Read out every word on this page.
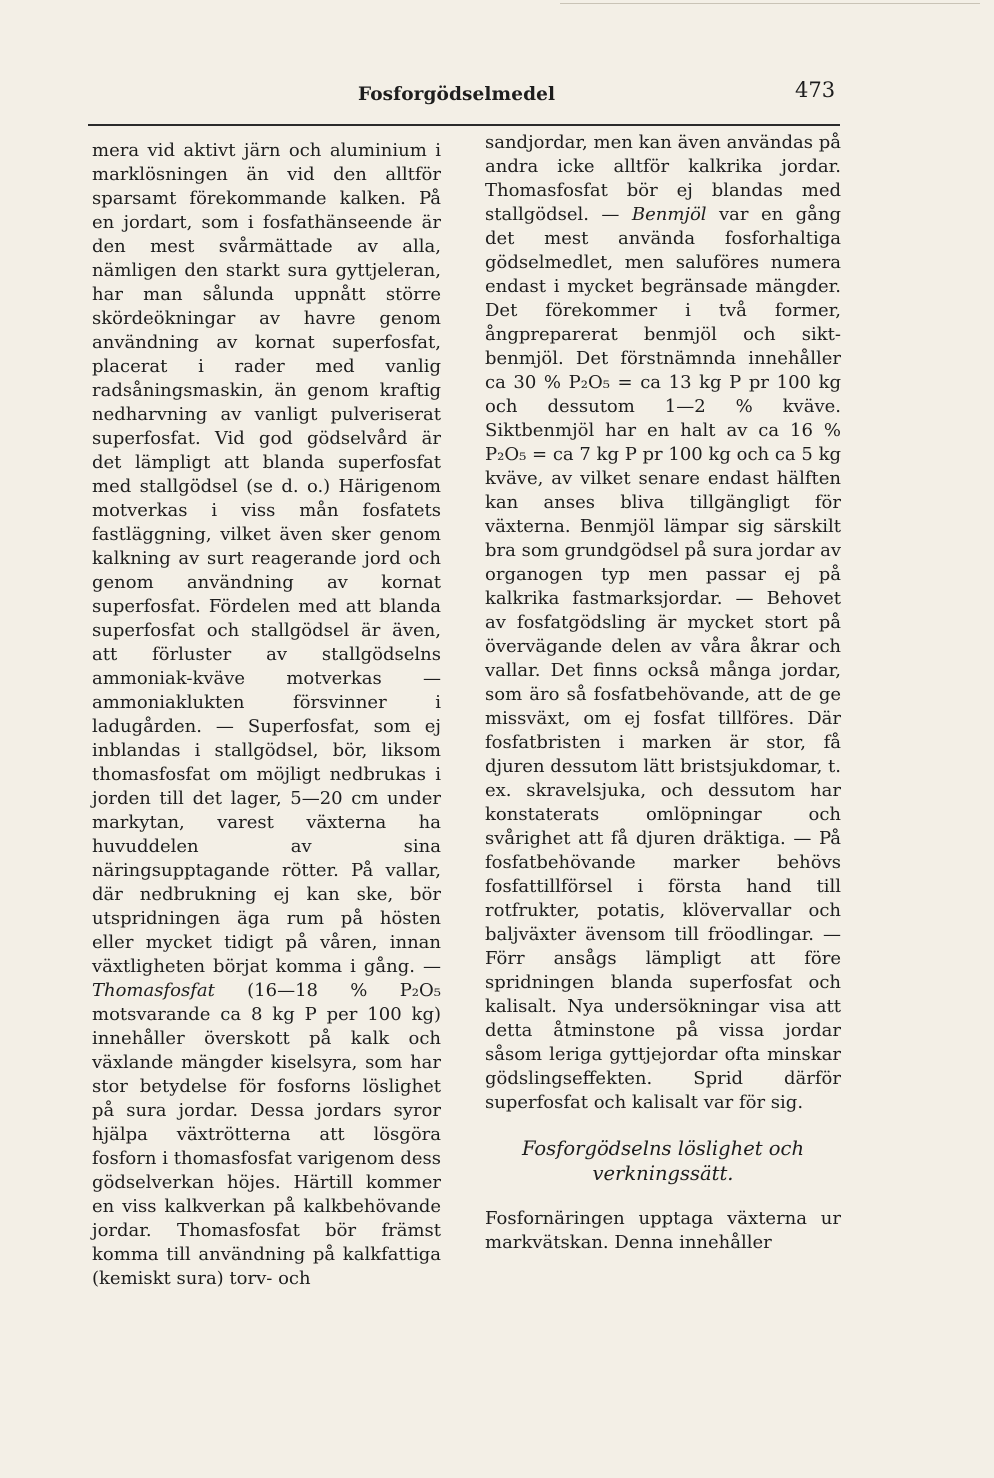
Fosforgödselmedel	473

mera vid aktivt järn och aluminium i marklösningen än vid den alltför sparsamt förekommande kalken. På en jordart, som i fosfathänseende är den mest svårmättade av alla, nämligen den starkt sura gyttjeleran, har man sålunda uppnått större skördeökningar av havre genom användning av kornat superfosfat, placerat i rader med vanlig radsåningsmaskin, än genom kraftig nedharvning av vanligt pulveriserat superfosfat. Vid god gödselvård är det lämpligt att blanda superfosfat med stallgödsel (se d. o.) Härigenom motverkas i viss mån fosfatets fastläggning, vilket även sker genom kalkning av surt reagerande jord och genom användning av kornat superfosfat. Fördelen med att blanda superfosfat och stallgödsel är även, att förluster av stallgödselns ammoniak-kväve motverkas — ammoniaklukten försvinner i ladugården. — Superfosfat, som ej inblandas i stallgödsel, bör, liksom thomasfosfat om möjligt nedbrukas i jorden till det lager, 5—20 cm under markytan, varest växterna ha huvuddelen av sina näringsupptagande rötter. På vallar, där nedbrukning ej kan ske, bör utspridningen äga rum på hösten eller mycket tidigt på våren, innan växtligheten börjat komma i gång. — Thomasfosfat (16—18 % P₂O₅ motsvarande ca 8 kg P per 100 kg) innehåller överskott på kalk och växlande mängder kiselsyra, som har stor betydelse för fosforns löslighet på sura jordar. Dessa jordars syror hjälpa växtrötterna att lösgöra fosforn i thomasfosfat varigenom dess gödselverkan höjes. Härtill kommer en viss kalkverkan på kalkbehövande jordar. Thomasfosfat bör främst komma till användning på kalkfattiga (kemiskt sura) torv- och

sandjordar, men kan även användas på andra icke alltför kalkrika jordar. Thomasfosfat bör ej blandas med stallgödsel. — Benmjöl var en gång det mest använda fosforhaltiga gödselmedlet, men saluföres numera endast i mycket begränsade mängder. Det förekommer i två former, ångpreparerat benmjöl och sikt-benmjöl. Det förstnämnda innehåller ca 30 % P₂O₅ = ca 13 kg P pr 100 kg och dessutom 1—2 % kväve. Siktbenmjöl har en halt av ca 16 % P₂O₅ = ca 7 kg P pr 100 kg och ca 5 kg kväve, av vilket senare endast hälften kan anses bliva tillgängligt för växterna. Benmjöl lämpar sig särskilt bra som grundgödsel på sura jordar av organogen typ men passar ej på kalkrika fastmarksjordar. — Behovet av fosfatgödsling är mycket stort på övervägande delen av våra åkrar och vallar. Det finns också många jordar, som äro så fosfatbehövande, att de ge missväxt, om ej fosfat tillföres. Där fosfatbristen i marken är stor, få djuren dessutom lätt bristsjukdomar, t. ex. skravelsjuka, och dessutom har konstaterats omlöpningar och svårighet att få djuren dräktiga. — På fosfatbehövande marker behövs fosfattillförsel i första hand till rotfrukter, potatis, klövervallar och baljväxter ävensom till fröodlingar. — Förr ansågs lämpligt att före spridningen blanda superfosfat och kalisalt. Nya undersökningar visa att detta åtminstone på vissa jordar såsom leriga gyttjejordar ofta minskar gödslingseffekten. Sprid därför superfosfat och kalisalt var för sig.

Fosforgödselns löslighet och
verkningssätt.

Fosfornäringen upptaga växterna ur markvätskan. Denna innehåller
